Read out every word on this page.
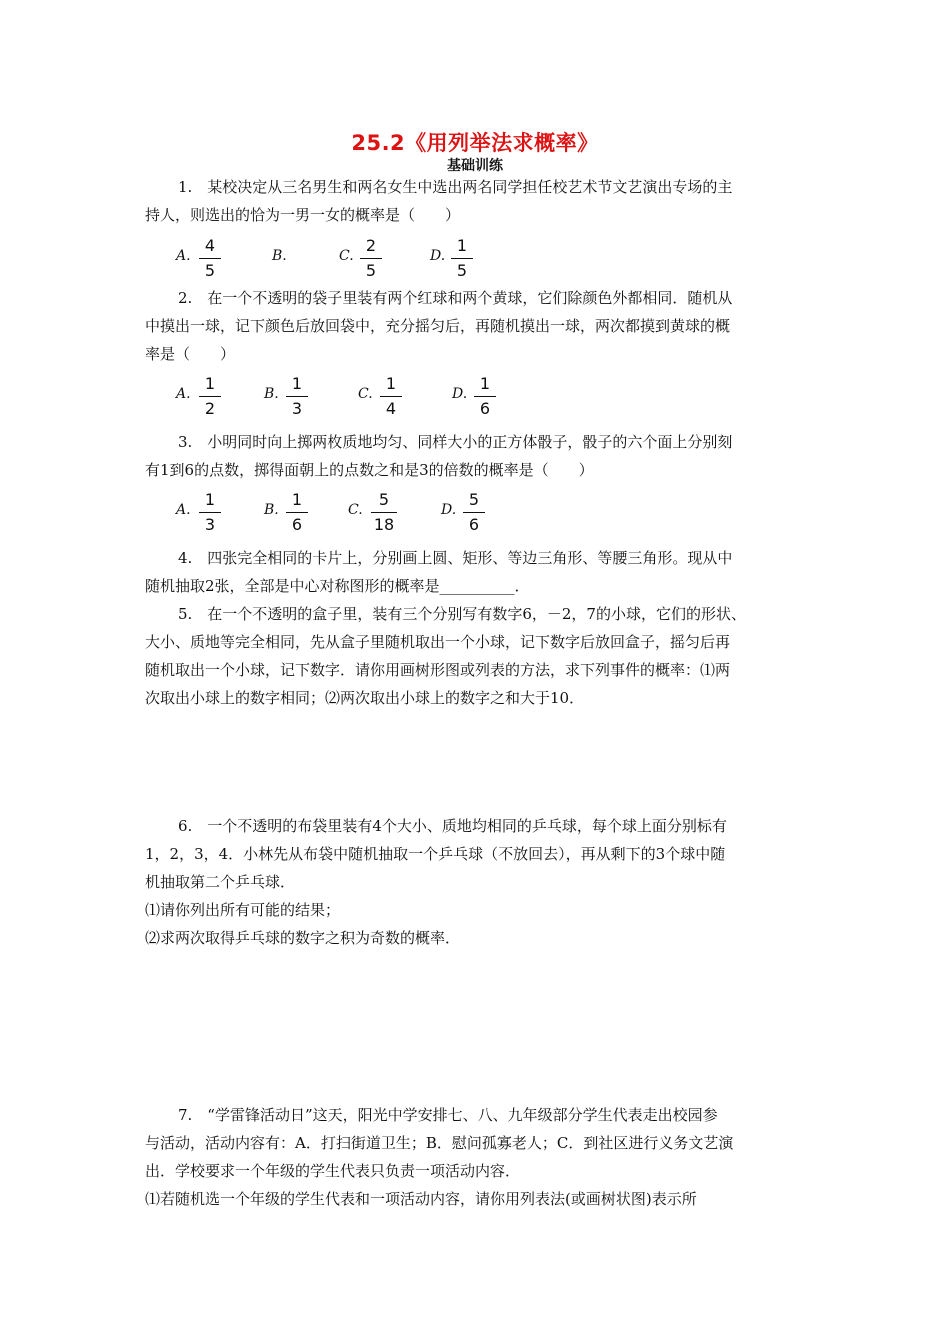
25.2《用列举法求概率》
基础训练
1.　某校决定从三名男生和两名女生中选出两名同学担任校艺术节文艺演出专场的主
持人，则选出的恰为一男一女的概率是（　　）
A.
4
5
B.	C.
2
5
D.
1
5
2.　在一个不透明的袋子里装有两个红球和两个黄球，它们除颜色外都相同．随机从
中摸出一球，记下颜色后放回袋中，充分摇匀后，再随机摸出一球，两次都摸到黄球的概
率是（　　）
A.
1
2
B.
1
3
C.
1
4
D.
1
6
3.　小明同时向上掷两枚质地均匀、同样大小的正方体骰子，骰子的六个面上分别刻
有1到6的点数，掷得面朝上的点数之和是3的倍数的概率是（　　）
A.
1
3
B.
1
6
C.
5
18
D.
5
6
4.　四张完全相同的卡片上，分别画上圆、矩形、等边三角形、等腰三角形。现从中
随机抽取2张，全部是中心对称图形的概率是__________．
5.　在一个不透明的盒子里，装有三个分别写有数字6，－2，7的小球，它们的形状、
大小、质地等完全相同，先从盒子里随机取出一个小球，记下数字后放回盒子，摇匀后再
随机取出一个小球，记下数字．请你用画树形图或列表的方法，求下列事件的概率：⑴两
次取出小球上的数字相同；⑵两次取出小球上的数字之和大于10．
6.　一个不透明的布袋里装有4个大小、质地均相同的乒乓球，每个球上面分别标有
1，2，3，4．小林先从布袋中随机抽取一个乒乓球（不放回去），再从剩下的3个球中随
机抽取第二个乒乓球．
⑴请你列出所有可能的结果；
⑵求两次取得乒乓球的数字之积为奇数的概率．
7.　“学雷锋活动日”这天，阳光中学安排七、八、九年级部分学生代表走出校园参
与活动，活动内容有：A．打扫街道卫生；B．慰问孤寡老人；C．到社区进行义务文艺演
出．学校要求一个年级的学生代表只负责一项活动内容．
⑴若随机选一个年级的学生代表和一项活动内容，请你用列表法(或画树状图)表示所
